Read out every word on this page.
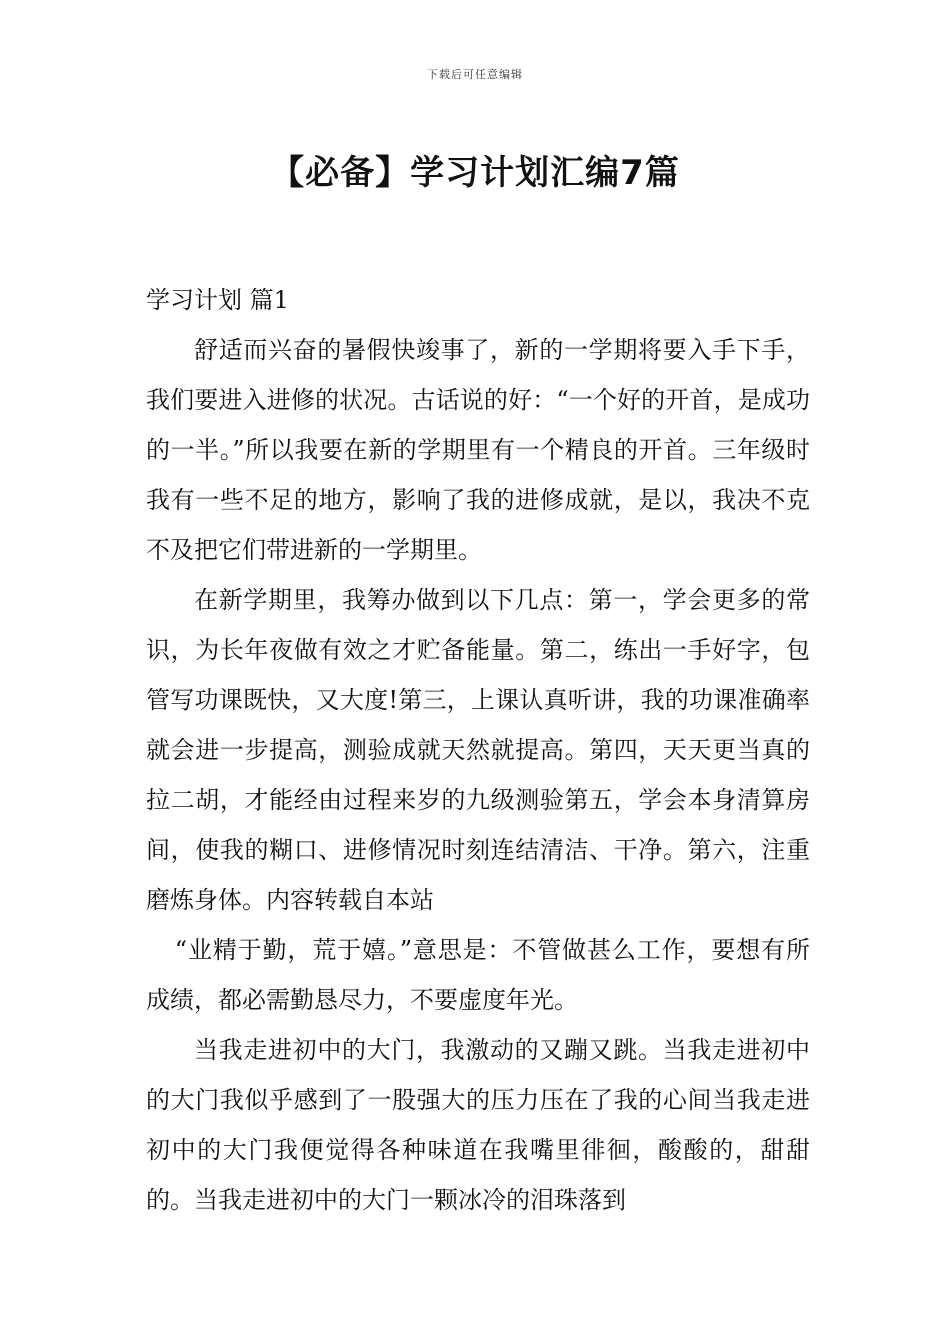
下载后可任意编辑
【必备】学习计划汇编7篇
学习计划 篇1

舒适而兴奋的暑假快竣事了，新的一学期将要入手下手，我们要进入进修的状况。古话说的好：“一个好的开首，是成功的一半。”所以我要在新的学期里有一个精良的开首。三年级时我有一些不足的地方，影响了我的进修成就，是以，我决不克不及把它们带进新的一学期里。

在新学期里，我筹办做到以下几点：第一，学会更多的常识，为长年夜做有效之才贮备能量。第二，练出一手好字，包管写功课既快，又大度!第三，上课认真听讲，我的功课准确率就会进一步提高，测验成就天然就提高。第四，天天更当真的拉二胡，才能经由过程来岁的九级测验第五，学会本身清算房间，使我的糊口、进修情况时刻连结清洁、干净。第六，注重磨炼身体。内容转载自本站

“业精于勤，荒于嬉。”意思是：不管做甚么工作，要想有所成绩，都必需勤恳尽力，不要虚度年光。

当我走进初中的大门，我激动的又蹦又跳。当我走进初中的大门我似乎感到了一股强大的压力压在了我的心间当我走进初中的大门我便觉得各种味道在我嘴里徘徊，酸酸的，甜甜的。当我走进初中的大门一颗冰冷的泪珠落到
